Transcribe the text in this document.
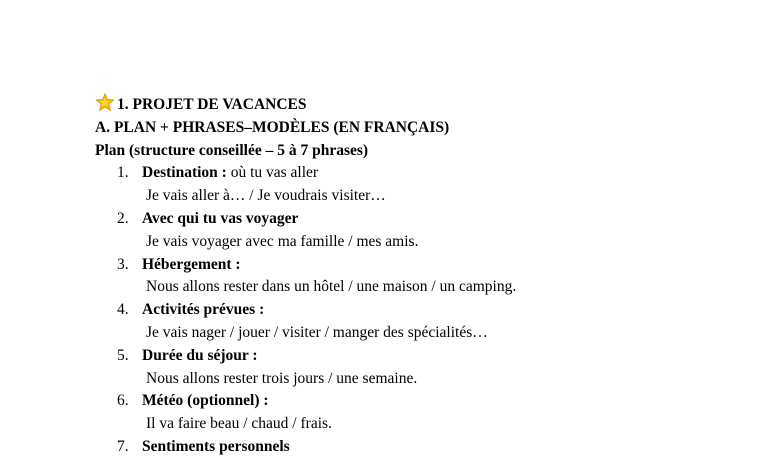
1. PROJET DE VACANCES

A. PLAN + PHRASES–MODÈLES (EN FRANÇAIS)

Plan (structure conseillée – 5 à 7 phrases)

1. Destination : où tu vas aller
Je vais aller à… / Je voudrais visiter…
2. Avec qui tu vas voyager
Je vais voyager avec ma famille / mes amis.
3. Hébergement :
Nous allons rester dans un hôtel / une maison / un camping.
4. Activités prévues :
Je vais nager / jouer / visiter / manger des spécialités…
5. Durée du séjour :
Nous allons rester trois jours / une semaine.
6. Météo (optionnel) :
Il va faire beau / chaud / frais.
7. Sentiments personnels
